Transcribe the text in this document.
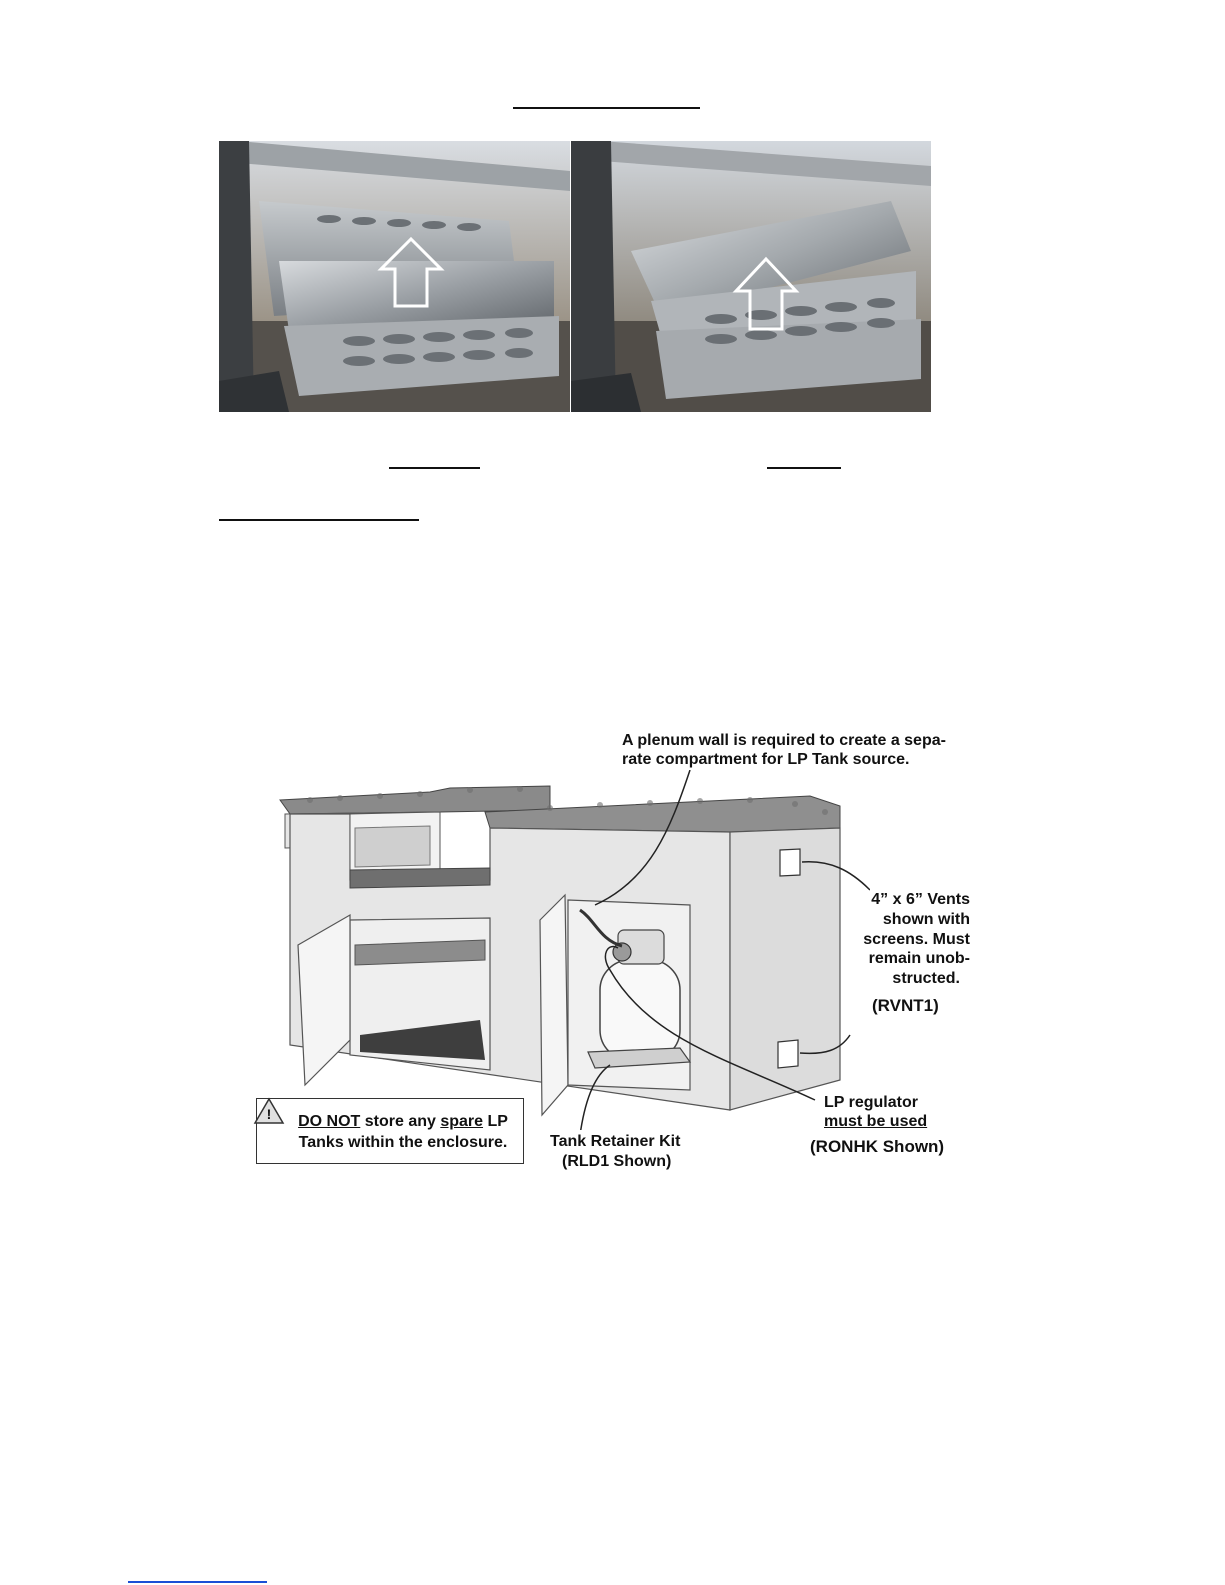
A plenum wall is required to create a sepa-
rate compartment for LP Tank source.
4” x 6” Vents
shown with
screens. Must
remain unob-
structed.
(RVNT1)
LP regulator
must be used
(RONHK Shown)
Tank Retainer Kit
(RLD1 Shown)
!	DO NOT store any spare LP
Tanks within the enclosure.
